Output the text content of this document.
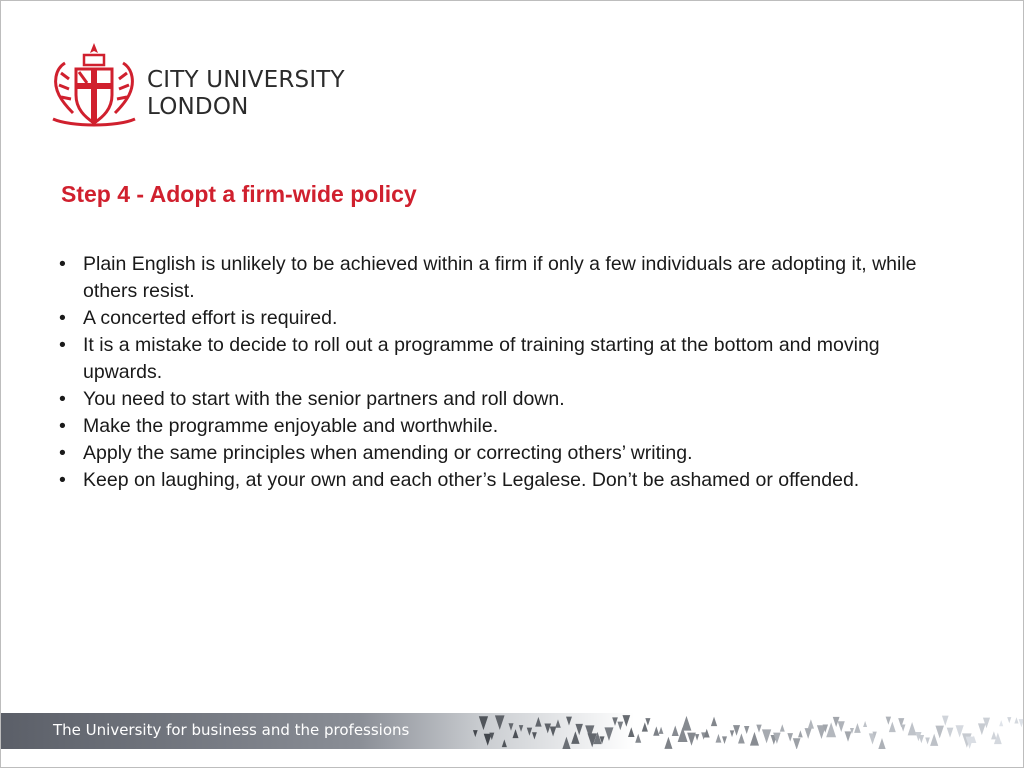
CITY UNIVERSITY
LONDON
Step 4 - Adopt a firm-wide policy
• Plain English is unlikely to be achieved within a firm if only a few individuals are adopting it, while others resist.
• A concerted effort is required.
• It is a mistake to decide to roll out a programme of training starting at the bottom and moving upwards.
• You need to start with the senior partners and roll down.
• Make the programme enjoyable and worthwhile.
• Apply the same principles when amending or correcting others’ writing.
• Keep on laughing, at your own and each other’s Legalese. Don’t be ashamed or offended.
The University for business and the professions
